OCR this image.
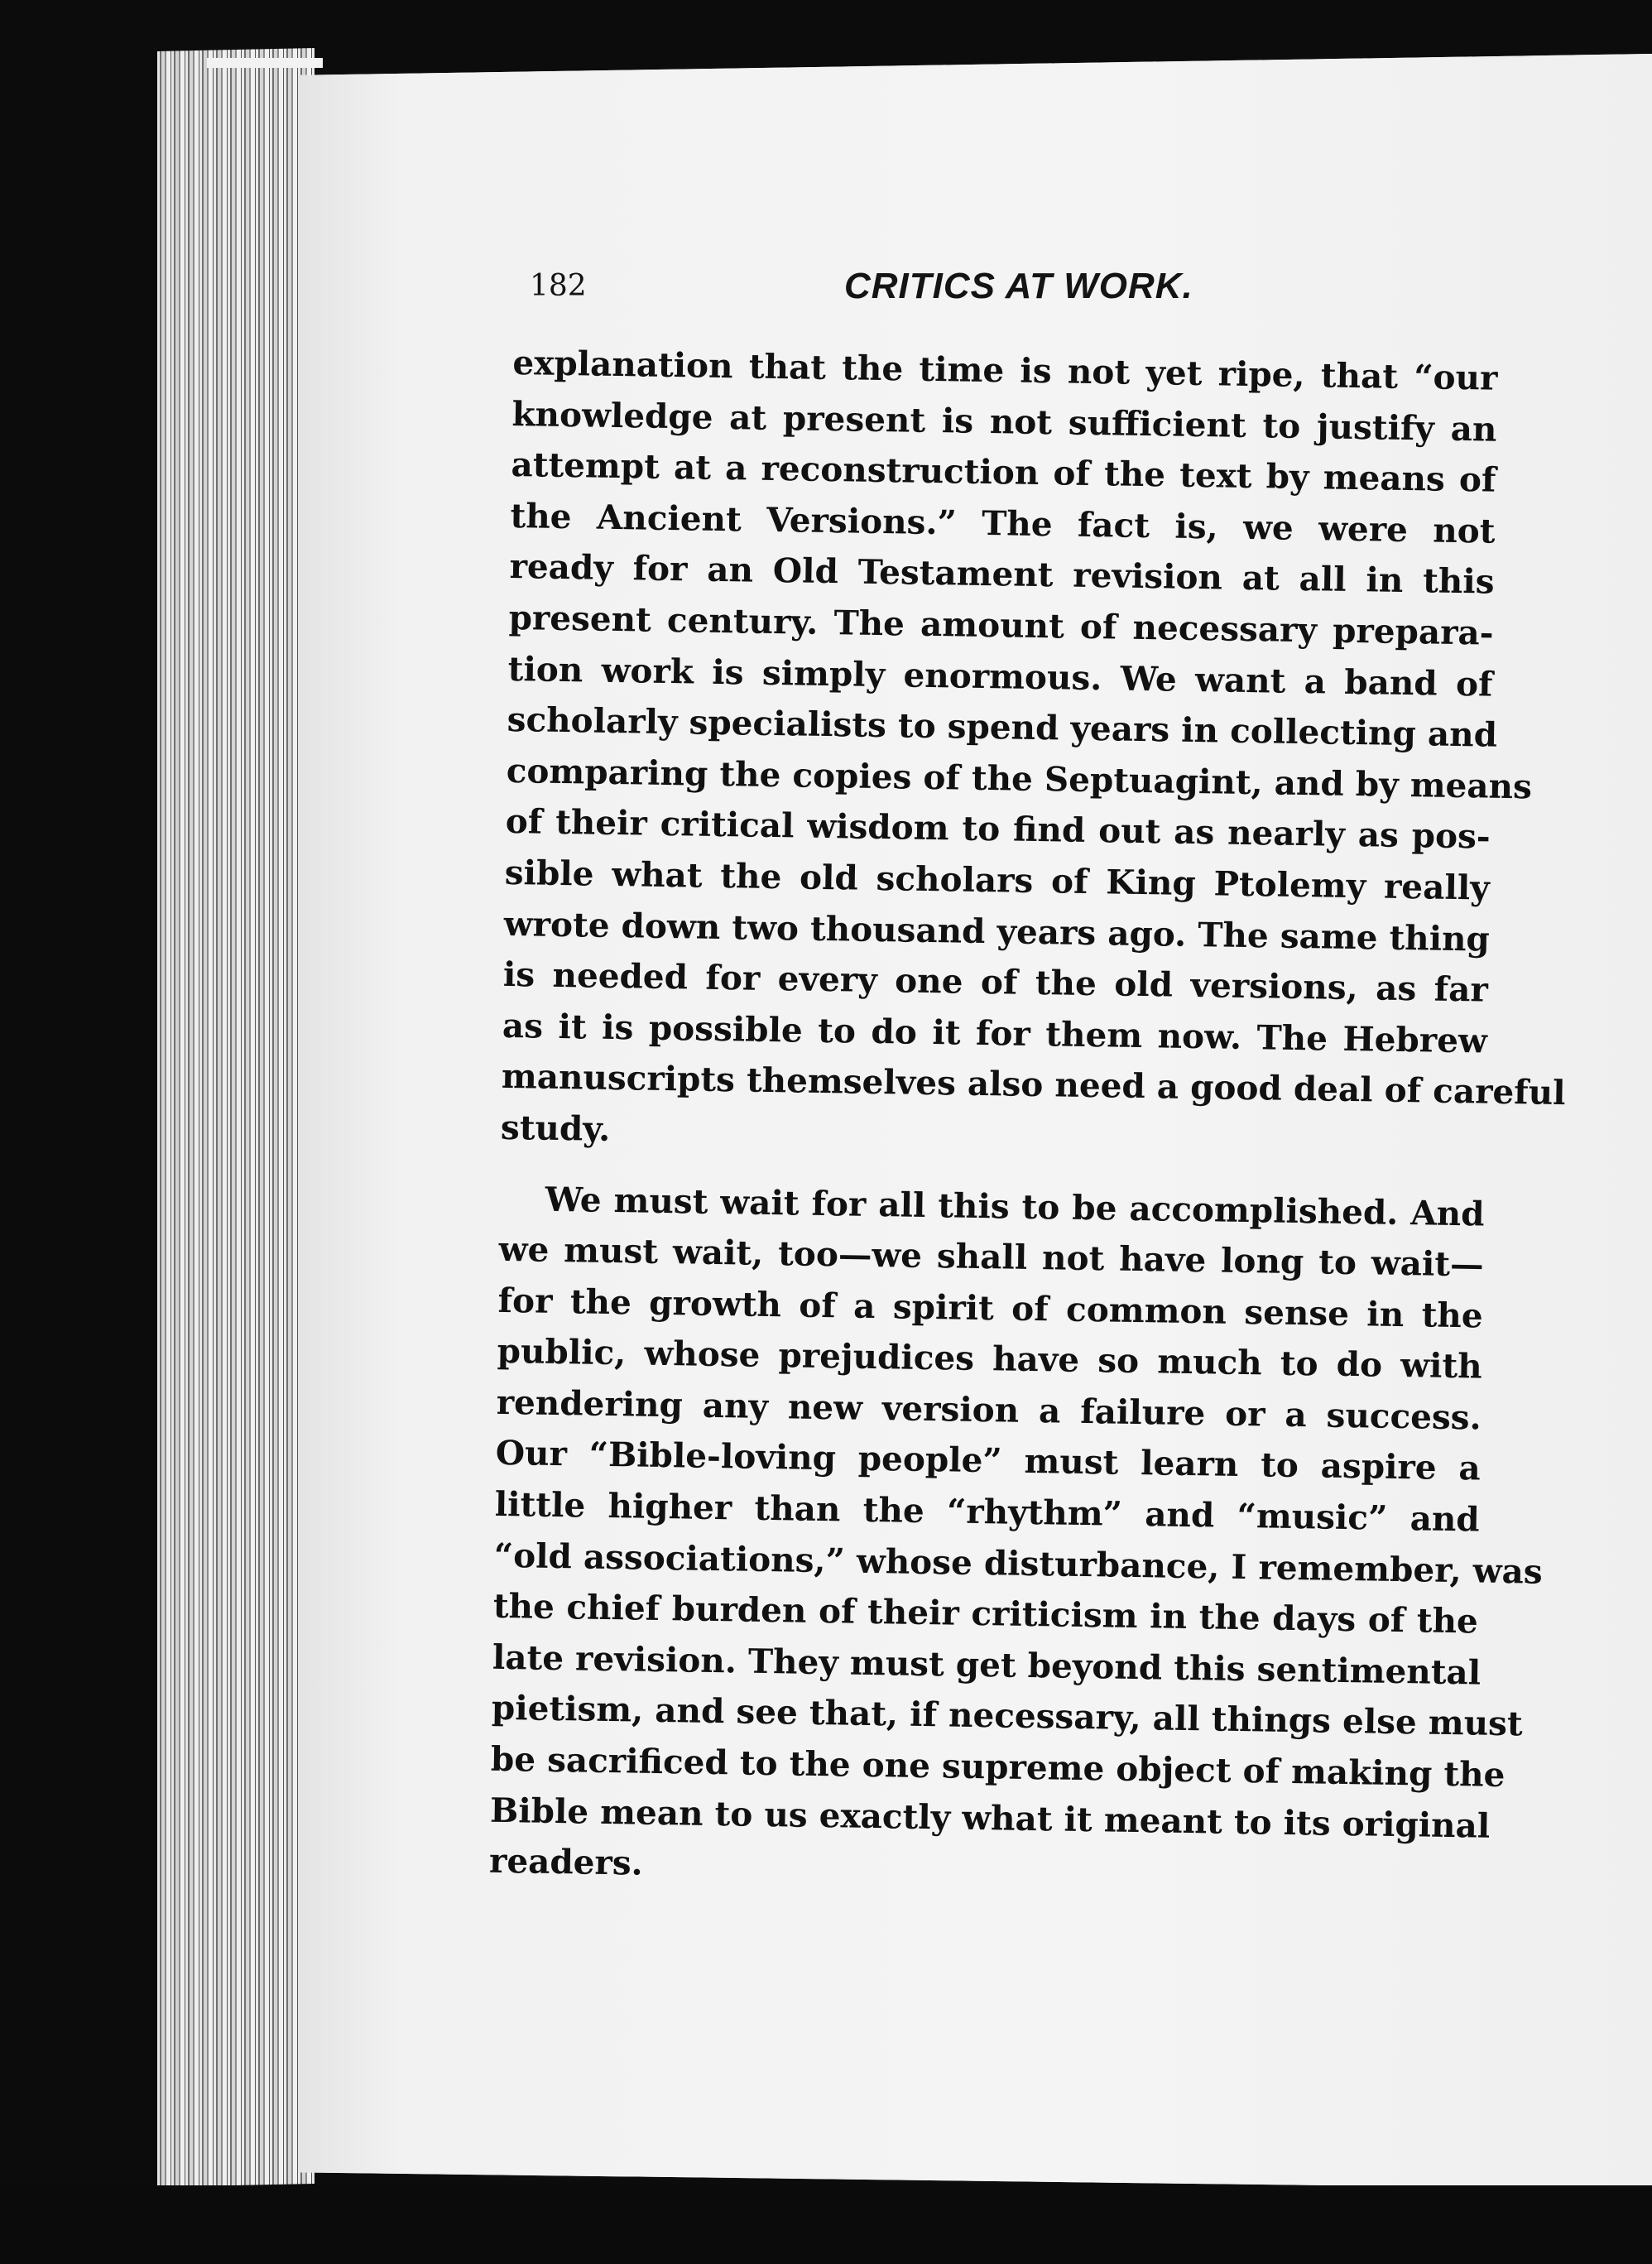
182	CRITICS AT WORK.
explanation that the time is not yet ripe, that “our
knowledge at present is not sufficient to justify an
attempt at a reconstruction of the text by means of
the Ancient Versions.” The fact is, we were not
ready for an Old Testament revision at all in this
present century. The amount of necessary prepara-
tion work is simply enormous. We want a band of
scholarly specialists to spend years in collecting and
comparing the copies of the Septuagint, and by means
of their critical wisdom to find out as nearly as pos-
sible what the old scholars of King Ptolemy really
wrote down two thousand years ago. The same thing
is needed for every one of the old versions, as far
as it is possible to do it for them now. The Hebrew
manuscripts themselves also need a good deal of careful
study.
We must wait for all this to be accomplished. And
we must wait, too—we shall not have long to wait—
for the growth of a spirit of common sense in the
public, whose prejudices have so much to do with
rendering any new version a failure or a success.
Our “Bible-loving people” must learn to aspire a
little higher than the “rhythm” and “music” and
“old associations,” whose disturbance, I remember, was
the chief burden of their criticism in the days of the
late revision. They must get beyond this sentimental
pietism, and see that, if necessary, all things else must
be sacrificed to the one supreme object of making the
Bible mean to us exactly what it meant to its original
readers.
